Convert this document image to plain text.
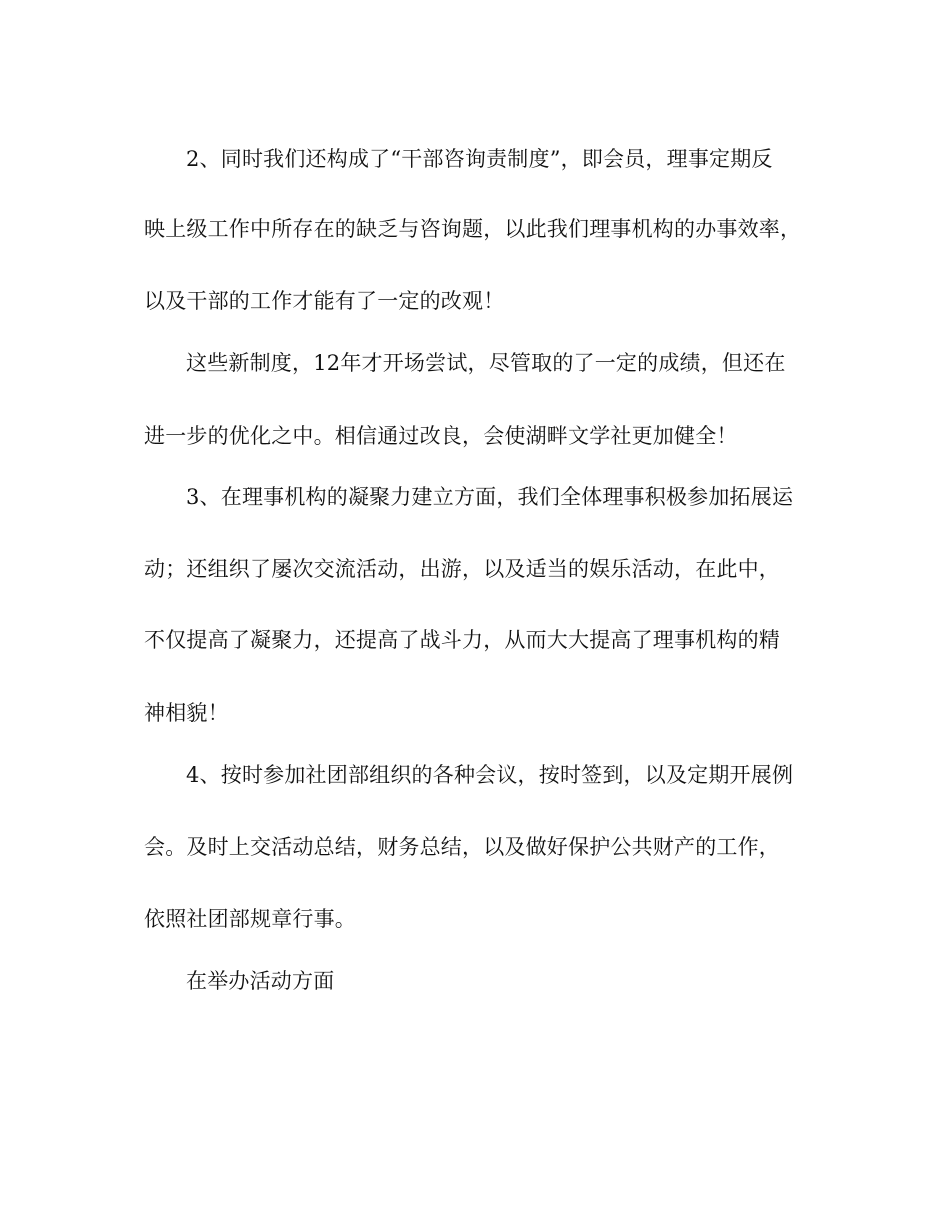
2、同时我们还构成了“干部咨询责制度”，即会员，理事定期反
映上级工作中所存在的缺乏与咨询题，以此我们理事机构的办事效率，
以及干部的工作才能有了一定的改观！
这些新制度，12年才开场尝试，尽管取的了一定的成绩，但还在
进一步的优化之中。相信通过改良，会使湖畔文学社更加健全！
3、在理事机构的凝聚力建立方面，我们全体理事积极参加拓展运
动；还组织了屡次交流活动，出游，以及适当的娱乐活动，在此中，
不仅提高了凝聚力，还提高了战斗力，从而大大提高了理事机构的精
神相貌！
4、按时参加社团部组织的各种会议，按时签到，以及定期开展例
会。及时上交活动总结，财务总结，以及做好保护公共财产的工作，
依照社团部规章行事。
在举办活动方面
